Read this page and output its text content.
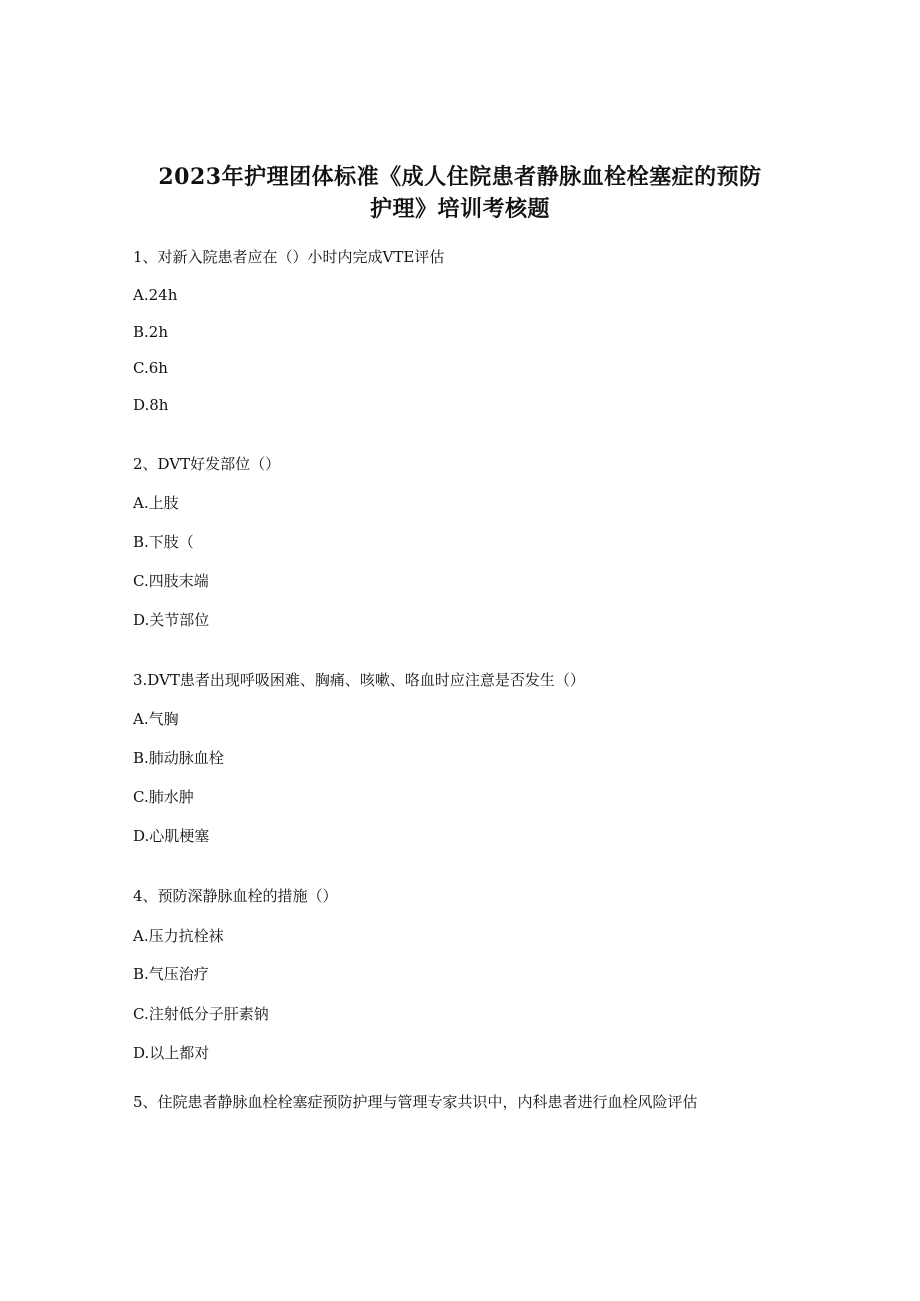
2023年护理团体标准《成人住院患者静脉血栓栓塞症的预防
护理》培训考核题
1、对新入院患者应在（）小时内完成VTE评估
A.24h
B.2h
C.6h
D.8h
2、DVT好发部位（）
A.上肢
B.下肢（
C.四肢末端
D.关节部位
3.DVT患者出现呼吸困难、胸痛、咳嗽、咯血时应注意是否发生（）
A.气胸
B.肺动脉血栓
C.肺水肿
D.心肌梗塞
4、预防深静脉血栓的措施（）
A.压力抗栓袜
B.气压治疗
C.注射低分子肝素钠
D.以上都对
5、住院患者静脉血栓栓塞症预防护理与管理专家共识中，内科患者进行血栓风险评估
